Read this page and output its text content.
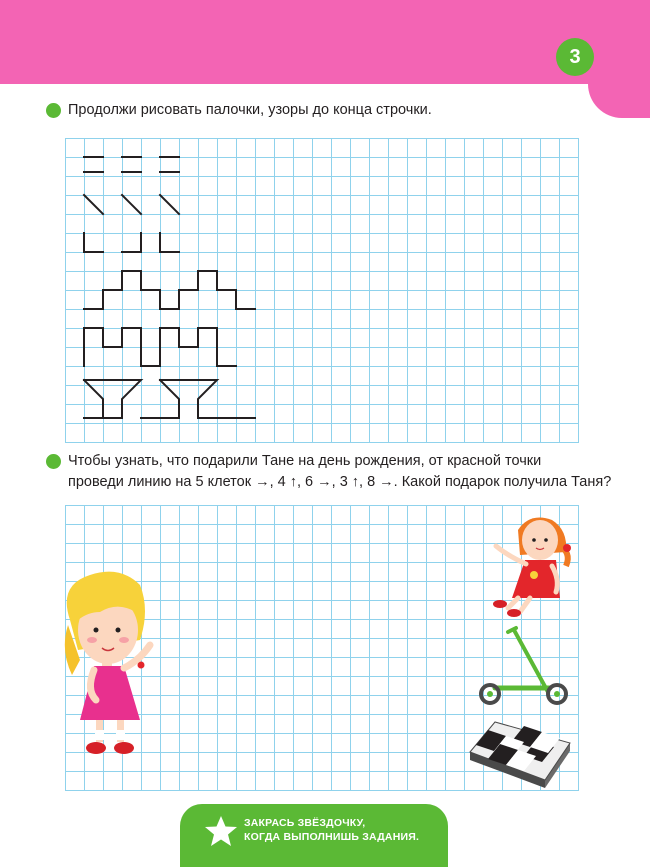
3
Продолжи рисовать палочки, узоры до конца строчки.
Чтобы узнать, что подарили Тане на день рождения, от красной точки
проведи линию на 5 клеток →, 4 ↑, 6 →, 3 ↑, 8 →. Какой подарок получила Таня?
ЗАКРАСЬ ЗВЁЗДОЧКУ,
КОГДА ВЫПОЛНИШЬ ЗАДАНИЯ.
